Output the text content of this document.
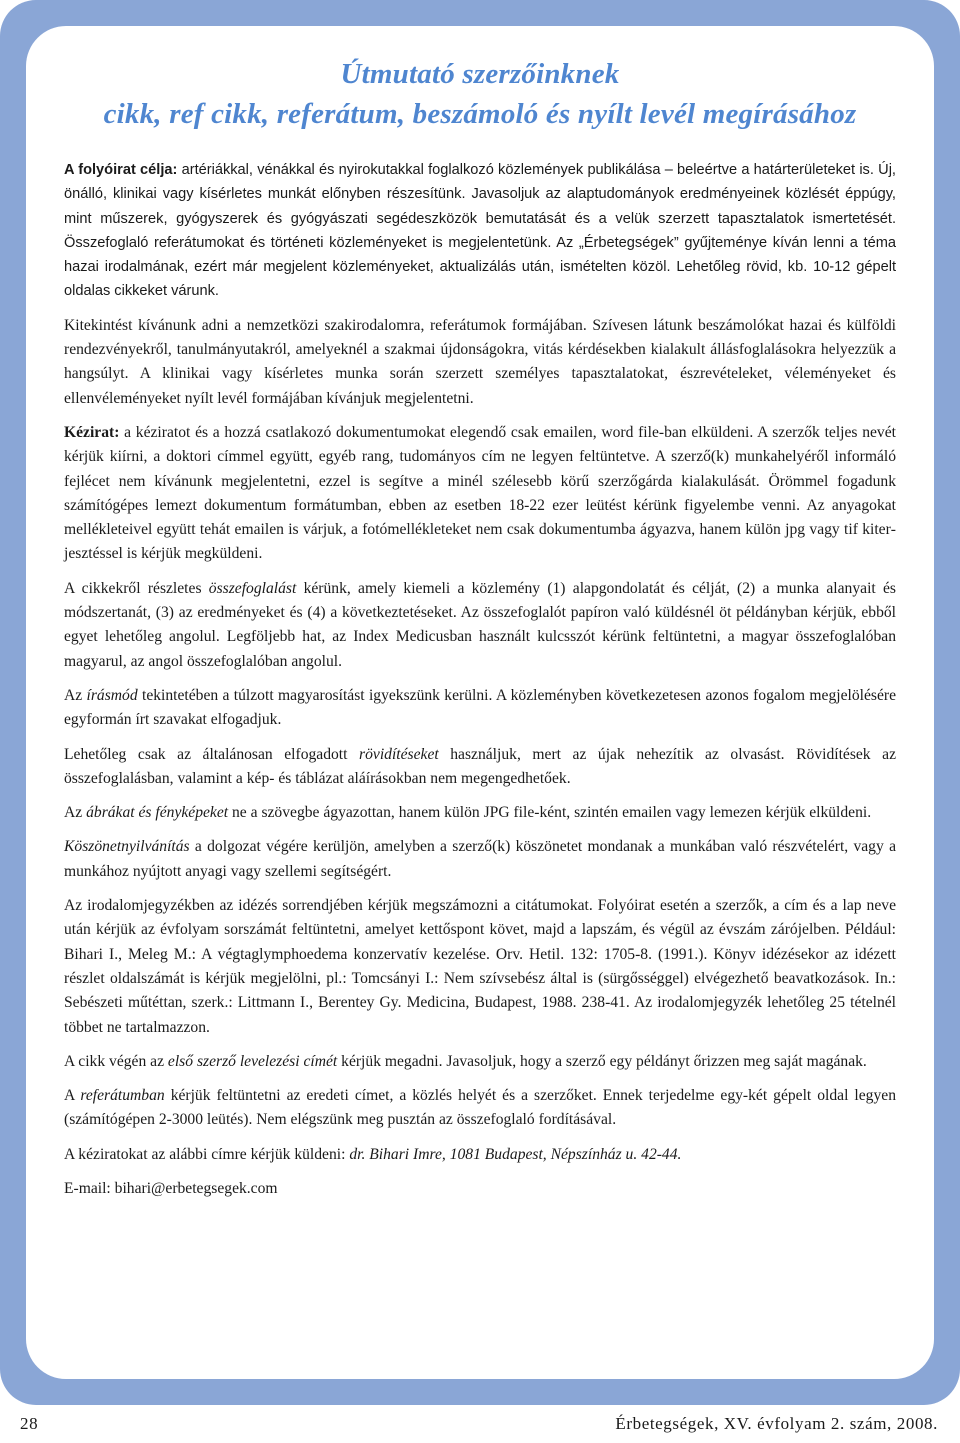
Útmutató szerzőinknek
cikk, ref cikk, referátum, beszámoló és nyílt levél megírásához

A folyóirat célja: artériákkal, vénákkal és nyirokutakkal foglalkozó közlemények publikálása – beleértve a határterületeket is. Új, önálló, klinikai vagy kísérletes munkát előnyben részesítünk. Javasoljuk az alaptudományok eredményeinek közlését éppúgy, mint műszerek, gyógyszerek és gyógyászati segédeszközök bemutatását és a velük szerzett tapasztalatok ismertetését. Összefoglaló referátumokat és történeti közleményeket is megjelentetünk. Az „Érbetegségek” gyűjteménye kíván lenni a téma hazai irodalmának, ezért már megjelent közleményeket, aktualizálás után, ismételten közöl. Lehetőleg rövid, kb. 10-12 gépelt oldalas cikkeket várunk.

Kitekintést kívánunk adni a nemzetközi szakirodalomra, referátumok formájában. Szívesen látunk beszámolókat hazai és külföldi rendezvényekről, tanulmányutakról, amelyeknél a szakmai újdonságokra, vitás kérdésekben kialakult állásfoglalásokra helyezzük a hangsúlyt. A klinikai vagy kísérletes munka során szerzett személyes tapasztalatokat, észrevételeket, véleményeket és ellenvéleményeket nyílt levél formájában kívánjuk megjelentetni.

Kézirat: a kéziratot és a hozzá csatlakozó dokumentumokat elegendő csak emailen, word file-ban elküldeni. A szerzők teljes nevét kérjük kiírni, a doktori címmel együtt, egyéb rang, tudományos cím ne legyen feltüntetve. A szerző(k) munkahelyéről informáló fejlécet nem kívánunk megjelentetni, ezzel is segítve a minél szélesebb körű szerzőgárda kialakulását. Örömmel fogadunk számítógépes lemezt dokumentum formátumban, ebben az esetben 18-22 ezer leütést kérünk figyelembe venni. Az anyagokat mellékleteivel együtt tehát emailen is várjuk, a fotómellékleteket nem csak dokumentumba ágyazva, hanem külön jpg vagy tif kiterjesztéssel is kérjük megküldeni.

A cikkekről részletes összefoglalást kérünk, amely kiemeli a közlemény (1) alapgondolatát és célját, (2) a munka alanyait és módszertanát, (3) az eredményeket és (4) a következtetéseket. Az összefoglalót papíron való küldésnél öt példányban kérjük, ebből egyet lehetőleg angolul. Legföljebb hat, az Index Medicusban használt kulcsszót kérünk feltüntetni, a magyar összefoglalóban magyarul, az angol összefoglalóban angolul.

Az írásmód tekintetében a túlzott magyarosítást igyekszünk kerülni. A közleményben következetesen azonos fogalom megjelölésére egyformán írt szavakat elfogadjuk.

Lehetőleg csak az általánosan elfogadott rövidítéseket használjuk, mert az újak nehezítik az olvasást. Rövidítések az összefoglalásban, valamint a kép- és táblázat aláírásokban nem megengedhetőek.

Az ábrákat és fényképeket ne a szövegbe ágyazottan, hanem külön JPG file-ként, szintén emailen vagy lemezen kérjük elküldeni.

Köszönetnyilvánítás a dolgozat végére kerüljön, amelyben a szerző(k) köszönetet mondanak a munkában való részvételért, vagy a munkához nyújtott anyagi vagy szellemi segítségért.

Az irodalomjegyzékben az idézés sorrendjében kérjük megszámozni a citátumokat. Folyóirat esetén a szerzők, a cím és a lap neve után kérjük az évfolyam sorszámát feltüntetni, amelyet kettőspont követ, majd a lapszám, és végül az évszám zárójelben. Például: Bihari I., Meleg M.: A végtaglymphoedema konzervatív kezelése. Orv. Hetil. 132: 1705-8. (1991.). Könyv idézésekor az idézett részlet oldalszámát is kérjük megjelölni, pl.: Tomcsányi I.: Nem szívsebész által is (sürgősséggel) elvégezhető beavatkozások. In.: Sebészeti műtéttan, szerk.: Littmann I., Berentey Gy. Medicina, Budapest, 1988. 238-41. Az irodalomjegyzék lehetőleg 25 tételnél többet ne tartalmazzon.

A cikk végén az első szerző levelezési címét kérjük megadni. Javasoljuk, hogy a szerző egy példányt őrizzen meg saját magának.

A referátumban kérjük feltüntetni az eredeti címet, a közlés helyét és a szerzőket. Ennek terjedelme egy-két gépelt oldal legyen (számítógépen 2-3000 leütés). Nem elégszünk meg pusztán az összefoglaló fordításával.

A kéziratokat az alábbi címre kérjük küldeni: dr. Bihari Imre, 1081 Budapest, Népszínház u. 42-44.

E-mail: bihari@erbetegsegek.com

28	Érbetegségek, XV. évfolyam 2. szám, 2008.
